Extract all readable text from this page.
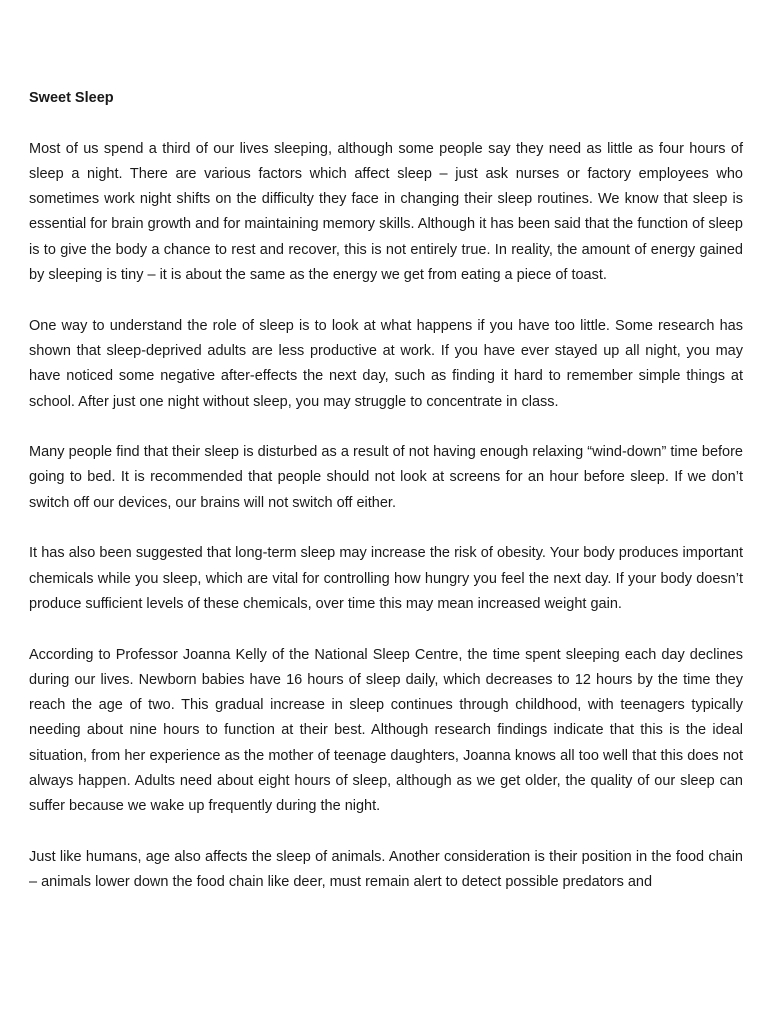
Sweet Sleep

Most of us spend a third of our lives sleeping, although some people say they need as little as four hours of sleep a night. There are various factors which affect sleep – just ask nurses or factory employees who sometimes work night shifts on the difficulty they face in changing their sleep routines. We know that sleep is essential for brain growth and for maintaining memory skills. Although it has been said that the function of sleep is to give the body a chance to rest and recover, this is not entirely true. In reality, the amount of energy gained by sleeping is tiny – it is about the same as the energy we get from eating a piece of toast.

One way to understand the role of sleep is to look at what happens if you have too little. Some research has shown that sleep-deprived adults are less productive at work. If you have ever stayed up all night, you may have noticed some negative after-effects the next day, such as finding it hard to remember simple things at school. After just one night without sleep, you may struggle to concentrate in class.

Many people find that their sleep is disturbed as a result of not having enough relaxing “wind-down” time before going to bed. It is recommended that people should not look at screens for an hour before sleep. If we don’t switch off our devices, our brains will not switch off either.

It has also been suggested that long-term sleep may increase the risk of obesity. Your body produces important chemicals while you sleep, which are vital for controlling how hungry you feel the next day. If your body doesn’t produce sufficient levels of these chemicals, over time this may mean increased weight gain.

According to Professor Joanna Kelly of the National Sleep Centre, the time spent sleeping each day declines during our lives. Newborn babies have 16 hours of sleep daily, which decreases to 12 hours by the time they reach the age of two. This gradual increase in sleep continues through childhood, with teenagers typically needing about nine hours to function at their best. Although research findings indicate that this is the ideal situation, from her experience as the mother of teenage daughters, Joanna knows all too well that this does not always happen. Adults need about eight hours of sleep, although as we get older, the quality of our sleep can suffer because we wake up frequently during the night.

Just like humans, age also affects the sleep of animals. Another consideration is their position in the food chain – animals lower down the food chain like deer, must remain alert to detect possible predators and
